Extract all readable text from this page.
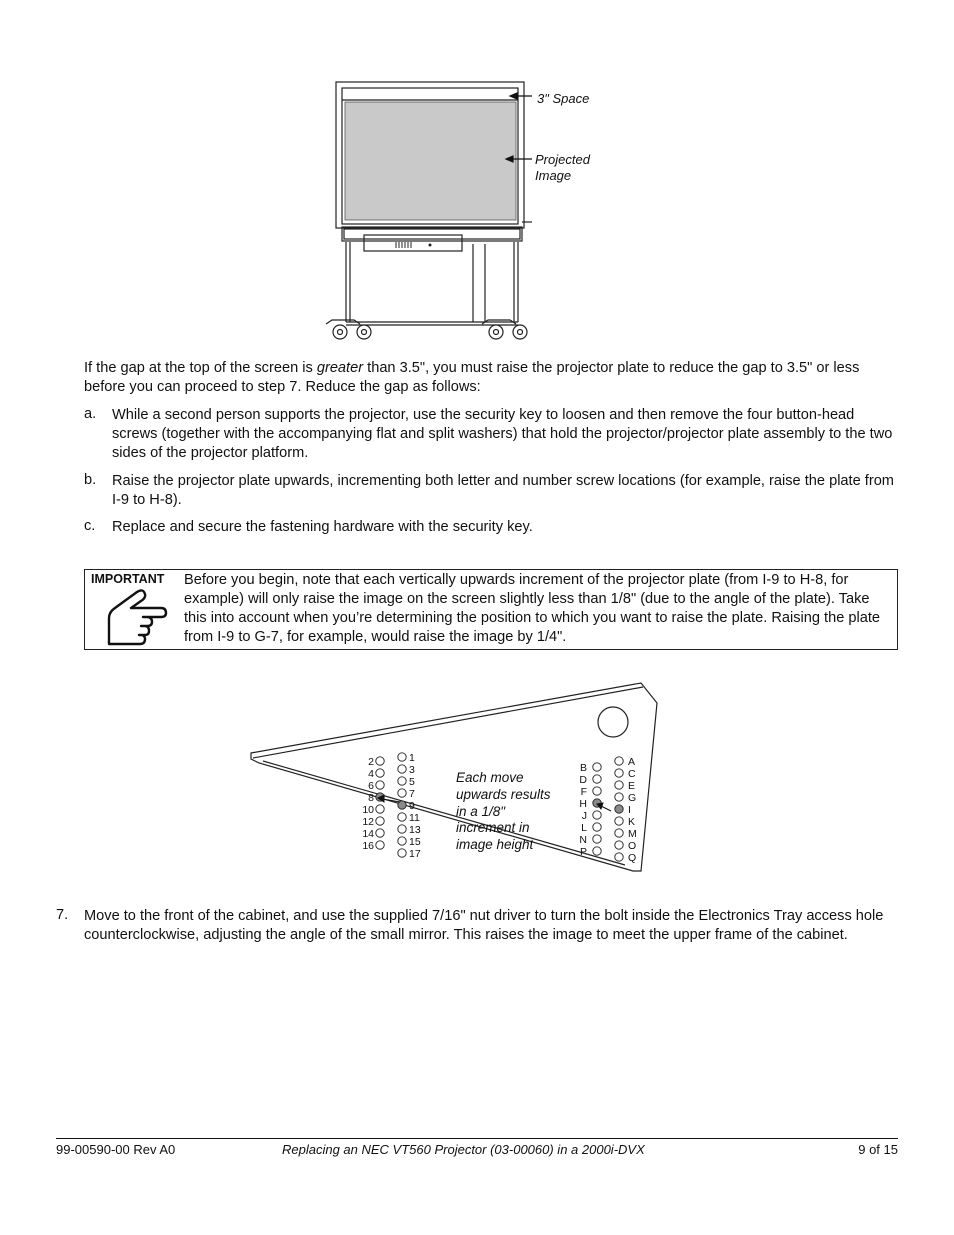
3" Space
Projected
Image

If the gap at the top of the screen is greater than 3.5", you must raise the projector plate to reduce the gap to 3.5" or less before you can proceed to step 7. Reduce the gap as follows:

a. While a second person supports the projector, use the security key to loosen and then remove the four button-head screws (together with the accompanying flat and split washers) that hold the projector/projector plate assembly to the two sides of the projector platform.

b. Raise the projector plate upwards, incrementing both letter and number screw locations (for example, raise the plate from I-9 to H-8).

c. Replace and secure the fastening hardware with the security key.

IMPORTANT Before you begin, note that each vertically upwards increment of the projector plate (from I-9 to H-8, for example) will only raise the image on the screen slightly less than 1/8" (due to the angle of the plate). Take this into account when you’re determining the position to which you want to raise the plate. Raising the plate from I-9 to G-7, for example, would raise the image by 1/4".

2
4
6
8
10
12
14
16
1
3
5
7
9
11
13
15
17
B
D
F
H
J
L
N
P
A
C
E
G
I
K
M
O
Q
Each move
upwards results
in a 1/8"
increment in
image height
7. Move to the front of the cabinet, and use the supplied 7/16" nut driver to turn the bolt inside the Electronics Tray access hole counterclockwise, adjusting the angle of the small mirror. This raises the image to meet the upper frame of the cabinet.

99-00590-00 Rev A0	Replacing an NEC VT560 Projector (03-00060) in a 2000i-DVX	9 of 15
